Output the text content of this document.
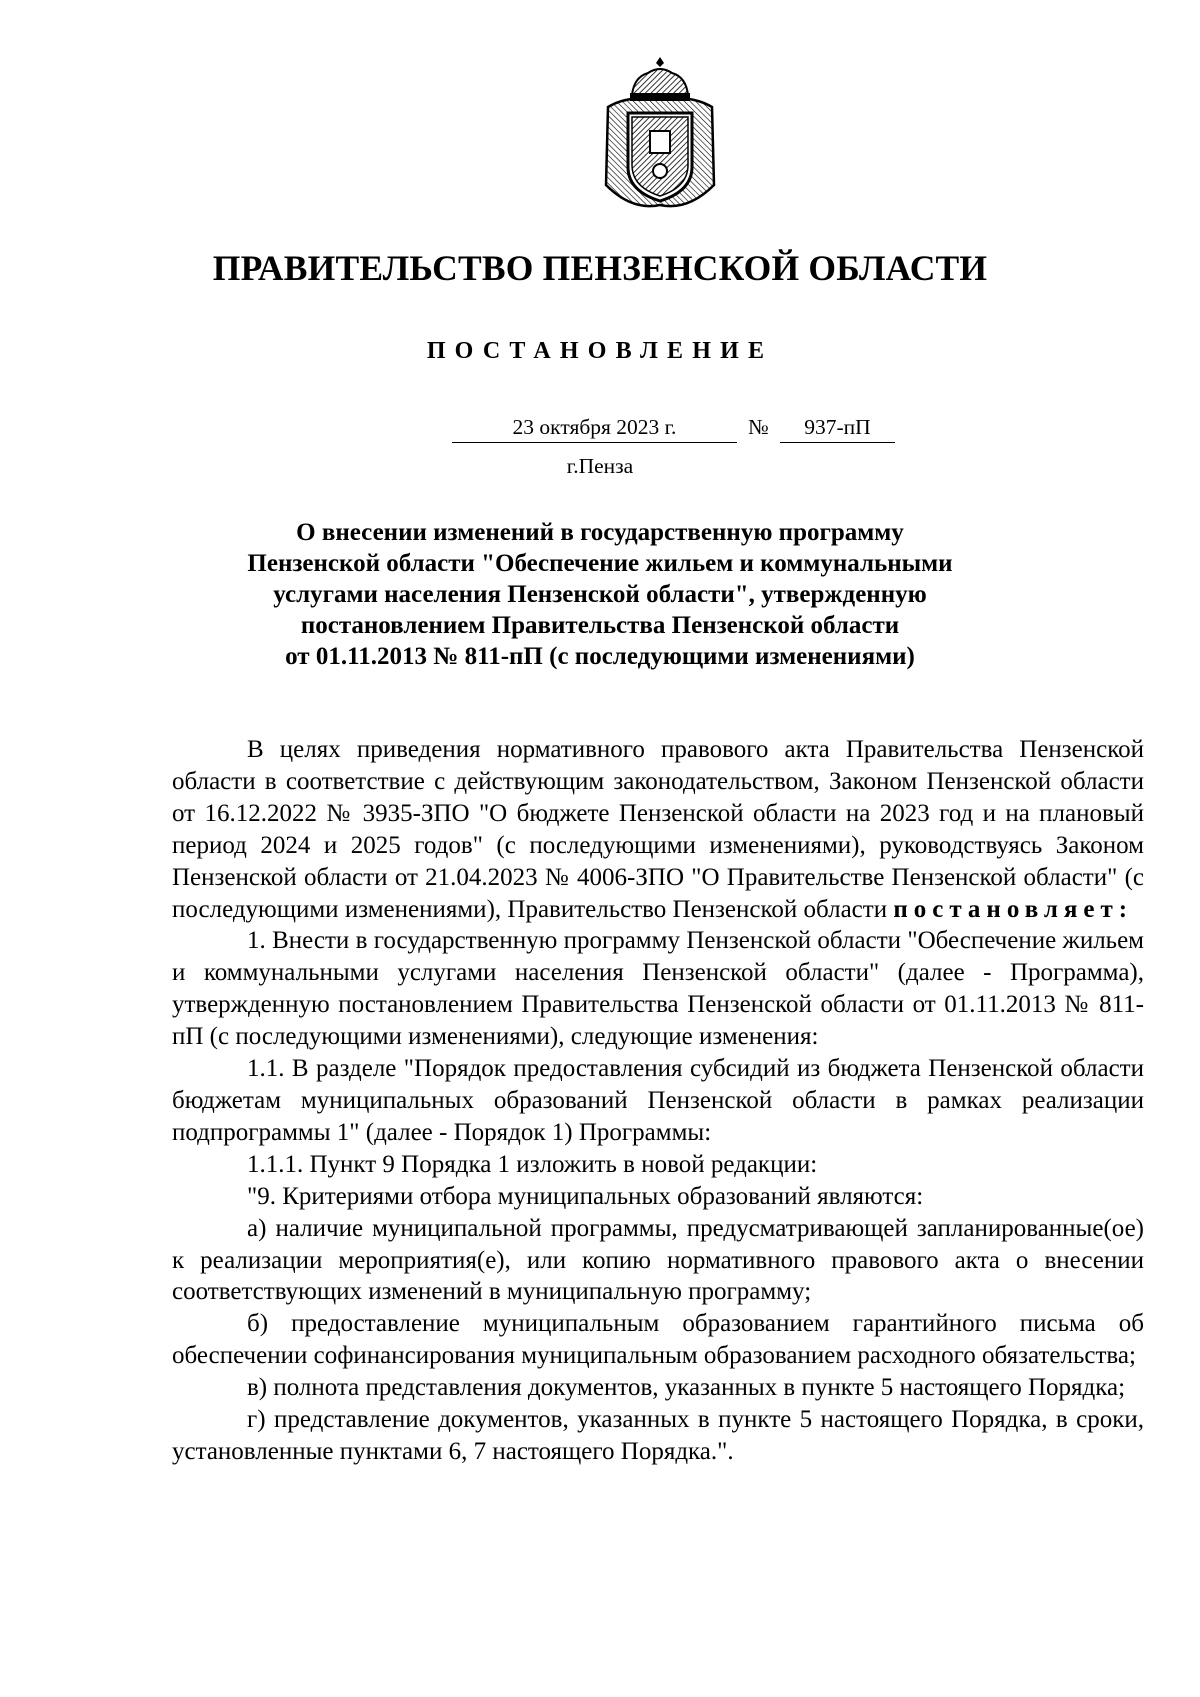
ПРАВИТЕЛЬСТВО ПЕНЗЕНСКОЙ ОБЛАСТИ
ПОСТАНОВЛЕНИЕ
23 октября 2023 г.	№	937-пП
г.Пенза
О внесении изменений в государственную программу
Пензенской области "Обеспечение жильем и коммунальными
услугами населения Пензенской области", утвержденную
постановлением Правительства Пензенской области
от 01.11.2013 № 811-пП (с последующими изменениями)

В целях приведения нормативного правового акта Правительства Пензенской области в соответствие с действующим законодательством, Законом Пензенской области от 16.12.2022 № 3935-ЗПО "О бюджете Пензенской области на 2023 год и на плановый период 2024 и 2025 годов" (с последующими изменениями), руководствуясь Законом Пензенской области от 21.04.2023 № 4006-ЗПО "О Правительстве Пензенской области" (с последующими изменениями), Правительство Пензенской области постановляет:

1. Внести в государственную программу Пензенской области "Обеспечение жильем и коммунальными услугами населения Пензенской области" (далее - Программа), утвержденную постановлением Правительства Пензенской области от 01.11.2013 № 811-пП (с последующими изменениями), следующие изменения:

1.1. В разделе "Порядок предоставления субсидий из бюджета Пензенской области бюджетам муниципальных образований Пензенской области в рамках реализации подпрограммы 1" (далее - Порядок 1) Программы:

1.1.1. Пункт 9 Порядка 1 изложить в новой редакции:

"9. Критериями отбора муниципальных образований являются:

а) наличие муниципальной программы, предусматривающей запланированные(ое) к реализации мероприятия(е), или копию нормативного правового акта о внесении соответствующих изменений в муниципальную программу;

б) предоставление муниципальным образованием гарантийного письма об обеспечении софинансирования муниципальным образованием расходного обязательства;

в) полнота представления документов, указанных в пункте 5 настоящего Порядка;

г) представление документов, указанных в пункте 5 настоящего Порядка, в сроки, установленные пунктами 6, 7 настоящего Порядка.".
